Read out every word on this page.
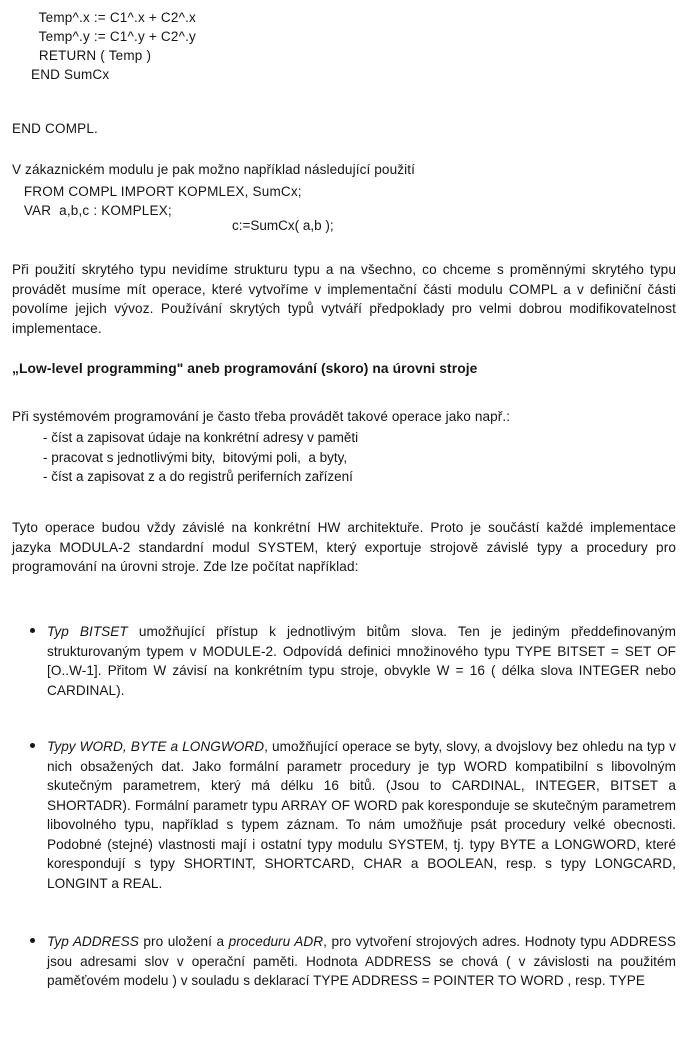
Temp^.x := C1^.x + C2^.x
Temp^.y := C1^.y + C2^.y
RETURN ( Temp )
END SumCx
END COMPL.
V zákaznickém modulu je pak možno například následující použití
FROM COMPL IMPORT KOPMLEX, SumCx;
VAR  a,b,c : KOMPLEX;
c:=SumCx( a,b );
Při použití skrytého typu nevidíme strukturu typu a na všechno, co chceme s proměnnými skrytého typu provádět musíme mít operace, které vytvoříme v implementační části modulu COMPL a v definiční části povolíme jejich vývoz. Používání skrytých typů vytváří předpoklady pro velmi dobrou modifikovatelnost implementace.
„Low-level programming" aneb programování (skoro) na úrovni stroje
Při systémovém programování je často třeba provádět takové operace jako např.:
- číst a zapisovat údaje na konkrétní adresy v paměti
- pracovat s jednotlivými bity,  bitovými poli,  a byty,
- číst a zapisovat z a do registrů periferních zařízení
Tyto operace budou vždy závislé na konkrétní HW architektuře. Proto je součástí každé implementace jazyka MODULA-2 standardní modul SYSTEM, který exportuje strojově závislé typy a procedury pro programování na úrovni stroje. Zde lze počítat například:
Typ BITSET umožňující přístup k jednotlivým bitům slova. Ten je jediným předdefinovaným strukturovaným typem v MODULE-2. Odpovídá definici množinového typu TYPE BITSET = SET OF [O..W-1]. Přitom W závisí na konkrétním typu stroje, obvykle W = 16 ( délka slova INTEGER nebo CARDINAL).
Typy WORD, BYTE a LONGWORD, umožňující operace se byty, slovy, a dvojslovy bez ohledu na typ v nich obsažených dat. Jako formální parametr procedury je typ WORD kompatibilní s libovolným skutečným parametrem, který má délku 16 bitů. (Jsou to CARDINAL, INTEGER, BITSET a SHORTADR). Formální parametr typu ARRAY OF WORD pak koresponduje se skutečným parametrem libovolného typu, například s typem záznam. To nám umožňuje psát procedury velké obecnosti. Podobné (stejné) vlastnosti mají i ostatní typy modulu SYSTEM, tj. typy BYTE a LONGWORD, které korespondují s typy SHORTINT, SHORTCARD, CHAR a BOOLEAN, resp. s typy LONGCARD, LONGINT a REAL.
Typ ADDRESS pro uložení a proceduru ADR, pro vytvoření strojových adres. Hodnoty typu ADDRESS jsou adresami slov v operační paměti. Hodnota ADDRESS se chová ( v závislosti na použitém paměťovém modelu ) v souladu s deklarací TYPE ADDRESS = POINTER TO WORD , resp. TYPE
